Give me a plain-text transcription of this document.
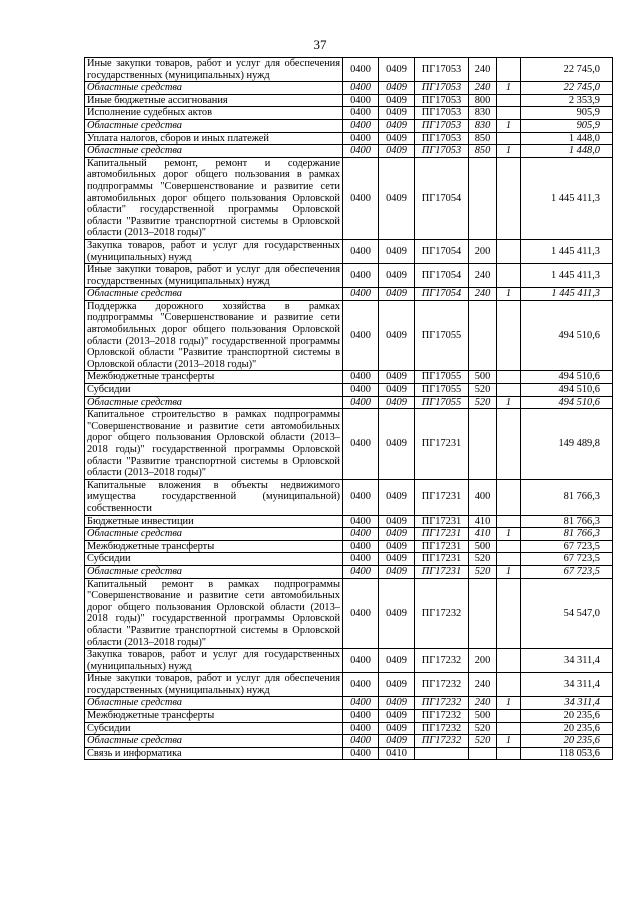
37
Иные закупки товаров, работ и услуг для обеспечения государственных (муниципальных) нужд	0400	0409	ПГ17053	240		22 745,0
Областные средства	0400	0409	ПГ17053	240	1	22 745,0
Иные бюджетные ассигнования	0400	0409	ПГ17053	800		2 353,9
Исполнение судебных актов	0400	0409	ПГ17053	830		905,9
Областные средства	0400	0409	ПГ17053	830	1	905,9
Уплата налогов, сборов и иных платежей	0400	0409	ПГ17053	850		1 448,0
Областные средства	0400	0409	ПГ17053	850	1	1 448,0
Капитальный ремонт, ремонт и содержание автомобильных дорог общего пользования в рамках подпрограммы "Совершенствование и развитие сети автомобильных дорог общего пользования Орловской области" государственной программы Орловской области "Развитие транспортной системы в Орловской области (2013–2018 годы)"	0400	0409	ПГ17054			1 445 411,3
Закупка товаров, работ и услуг для государственных (муниципальных) нужд	0400	0409	ПГ17054	200		1 445 411,3
Иные закупки товаров, работ и услуг для обеспечения государственных (муниципальных) нужд	0400	0409	ПГ17054	240		1 445 411,3
Областные средства	0400	0409	ПГ17054	240	1	1 445 411,3
Поддержка дорожного хозяйства в рамках подпрограммы "Совершенствование и развитие сети автомобильных дорог общего пользования Орловской области (2013–2018 годы)" государственной программы Орловской области "Развитие транспортной системы в Орловской области (2013–2018 годы)"	0400	0409	ПГ17055			494 510,6
Межбюджетные трансферты	0400	0409	ПГ17055	500		494 510,6
Субсидии	0400	0409	ПГ17055	520		494 510,6
Областные средства	0400	0409	ПГ17055	520	1	494 510,6
Капитальное строительство в рамках подпрограммы "Совершенствование и развитие сети автомобильных дорог общего пользования Орловской области (2013–2018 годы)" государственной программы Орловской области "Развитие транспортной системы в Орловской области (2013–2018 годы)"	0400	0409	ПГ17231			149 489,8
Капитальные вложения в объекты недвижимого имущества государственной (муниципальной) собственности	0400	0409	ПГ17231	400		81 766,3
Бюджетные инвестиции	0400	0409	ПГ17231	410		81 766,3
Областные средства	0400	0409	ПГ17231	410	1	81 766,3
Межбюджетные трансферты	0400	0409	ПГ17231	500		67 723,5
Субсидии	0400	0409	ПГ17231	520		67 723,5
Областные средства	0400	0409	ПГ17231	520	1	67 723,5
Капитальный ремонт в рамках подпрограммы "Совершенствование и развитие сети автомобильных дорог общего пользования Орловской области (2013–2018 годы)" государственной программы Орловской области "Развитие транспортной системы в Орловской области (2013–2018 годы)"	0400	0409	ПГ17232			54 547,0
Закупка товаров, работ и услуг для государственных (муниципальных) нужд	0400	0409	ПГ17232	200		34 311,4
Иные закупки товаров, работ и услуг для обеспечения государственных (муниципальных) нужд	0400	0409	ПГ17232	240		34 311,4
Областные средства	0400	0409	ПГ17232	240	1	34 311,4
Межбюджетные трансферты	0400	0409	ПГ17232	500		20 235,6
Субсидии	0400	0409	ПГ17232	520		20 235,6
Областные средства	0400	0409	ПГ17232	520	1	20 235,6
Связь и информатика	0400	0410				118 053,6
